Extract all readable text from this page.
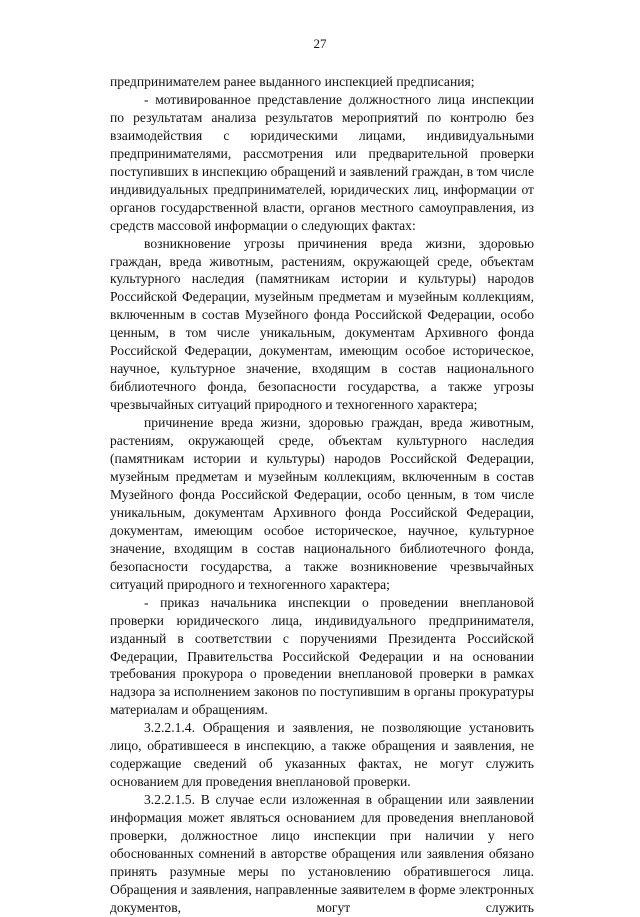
27

предпринимателем ранее выданного инспекцией предписания;

- мотивированное представление должностного лица инспекции по результатам анализа результатов мероприятий по контролю без взаимодействия с юридическими лицами, индивидуальными предпринимателями, рассмотрения или предварительной проверки поступивших в инспекцию обращений и заявлений граждан, в том числе индивидуальных предпринимателей, юридических лиц, информации от органов государственной власти, органов местного самоуправления, из средств массовой информации о следующих фактах:

возникновение угрозы причинения вреда жизни, здоровью граждан, вреда животным, растениям, окружающей среде, объектам культурного наследия (памятникам истории и культуры) народов Российской Федерации, музейным предметам и музейным коллекциям, включенным в состав Музейного фонда Российской Федерации, особо ценным, в том числе уникальным, документам Архивного фонда Российской Федерации, документам, имеющим особое историческое, научное, культурное значение, входящим в состав национального библиотечного фонда, безопасности государства, а также угрозы чрезвычайных ситуаций природного и техногенного характера;

причинение вреда жизни, здоровью граждан, вреда животным, растениям, окружающей среде, объектам культурного наследия (памятникам истории и культуры) народов Российской Федерации, музейным предметам и музейным коллекциям, включенным в состав Музейного фонда Российской Федерации, особо ценным, в том числе уникальным, документам Архивного фонда Российской Федерации, документам, имеющим особое историческое, научное, культурное значение, входящим в состав национального библиотечного фонда, безопасности государства, а также возникновение чрезвычайных ситуаций природного и техногенного характера;

- приказ начальника инспекции о проведении внеплановой проверки юридического лица, индивидуального предпринимателя, изданный в соответствии с поручениями Президента Российской Федерации, Правительства Российской Федерации и на основании требования прокурора о проведении внеплановой проверки в рамках надзора за исполнением законов по поступившим в органы прокуратуры материалам и обращениям.

3.2.2.1.4. Обращения и заявления, не позволяющие установить лицо, обратившееся в инспекцию, а также обращения и заявления, не содержащие сведений об указанных фактах, не могут служить основанием для проведения внеплановой проверки.

3.2.2.1.5. В случае если изложенная в обращении или заявлении информация может являться основанием для проведения внеплановой проверки, должностное лицо инспекции при наличии у него обоснованных сомнений в авторстве обращения или заявления обязано принять разумные меры по установлению обратившегося лица. Обращения и заявления, направленные заявителем в форме электронных документов, могут служить
